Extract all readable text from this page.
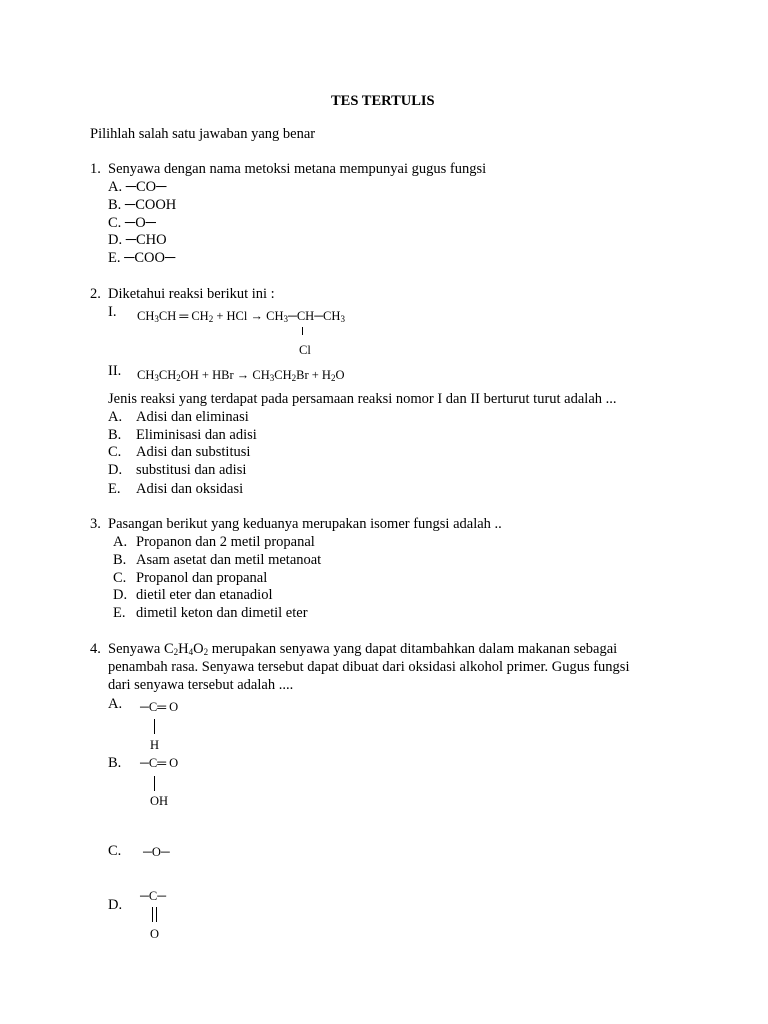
TES TERTULIS
Pilihlah salah satu jawaban yang benar
1. Senyawa dengan nama metoksi metana mempunyai gugus fungsi
A. ─CO─
B. ─COOH
C. ─O─
D. ─CHO
E. ─COO─
2. Diketahui reaksi berikut ini :
I. $CH_3CH$ ═ $CH_2$ + HCl → $CH_3─CH─CH_3$
Cl
II. $CH_3CH_2OH$ + HBr → $CH_3CH_2Br + H_2O$
Jenis reaksi yang terdapat pada persamaan reaksi nomor I dan II berturut turut adalah ...
A. Adisi dan eliminasi
B. Eliminisasi dan adisi
C. Adisi dan substitusi
D. substitusi dan adisi
E. Adisi dan oksidasi
3. Pasangan berikut yang keduanya merupakan isomer fungsi adalah ..
A. Propanon dan 2 metil propanal
B. Asam asetat dan metil metanoat
C. Propanol dan propanal
D. dietil eter dan etanadiol
E. dimetil keton dan dimetil eter
4. Senyawa $C_2H_4O_2$ merupakan senyawa yang dapat ditambahkan dalam makanan sebagai
penambah rasa. Senyawa tersebut dapat dibuat dari oksidasi alkohol primer. Gugus fungsi
dari senyawa tersebut adalah ....
A. ─C═ O
H
B. ─C═ O
OH
C. ─O─
D.
─C─
O
